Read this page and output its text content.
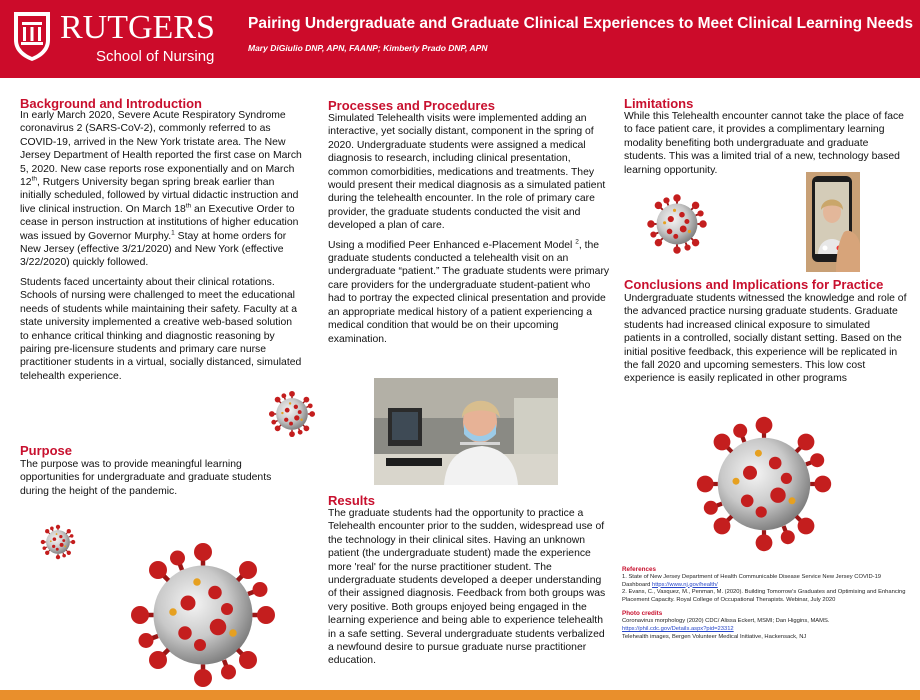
RUTGERS
School of Nursing
Pairing Undergraduate and Graduate Clinical Experiences to Meet Clinical Learning Needs
Mary DiGiulio DNP, APN, FAANP; Kimberly Prado DNP, APN
Background and Introduction

In early March 2020, Severe Acute Respiratory Syndrome coronavirus 2 (SARS-CoV-2), commonly referred to as COVID-19, arrived in the New York tristate area. The New Jersey Department of Health reported the first case on March 5, 2020. New case reports rose exponentially and on March 12th, Rutgers University began spring break earlier than initially scheduled, followed by virtual didactic instruction and live clinical instruction. On March 18th an Executive Order to cease in person instruction at institutions of higher education was issued by Governor Murphy.$^1$ Stay at home orders for New Jersey (effective 3/21/2020) and New York (effective 3/22/2020) quickly followed.

Students faced uncertainty about their clinical rotations. Schools of nursing were challenged to meet the educational needs of students while maintaining their safety. Faculty at a state university implemented a creative web-based solution to enhance critical thinking and diagnostic reasoning by pairing pre-licensure students and primary care nurse practitioner students in a virtual, socially distanced, simulated telehealth experience.

Purpose
The purpose was to provide meaningful learning opportunities for undergraduate and graduate students during the height of the pandemic.
Processes and Procedures

Simulated Telehealth visits were implemented adding an interactive, yet socially distant, component in the spring of 2020. Undergraduate students were assigned a medical diagnosis to research, including clinical presentation, common comorbidities, medications and treatments. They would present their medical diagnosis as a simulated patient during the telehealth encounter. In the role of primary care provider, the graduate students conducted the visit and developed a plan of care.

Using a modified Peer Enhanced e-Placement Model $^2$, the graduate students conducted a telehealth visit on an undergraduate “patient.” The graduate students were primary care providers for the undergraduate student-patient who had to portray the expected clinical presentation and provide an appropriate medical history of a patient experiencing a medical condition that would be on their upcoming examination.

Results
The graduate students had the opportunity to practice a Telehealth encounter prior to the sudden, widespread use of the technology in their clinical sites. Having an unknown patient (the undergraduate student) made the experience more 'real' for the nurse practitioner student. The undergraduate students developed a deeper understanding of their assigned diagnosis. Feedback from both groups was very positive. Both groups enjoyed being engaged in the learning experience and being able to experience telehealth in a safe setting. Several undergraduate students verbalized a newfound desire to pursue graduate nurse practitioner education.
Limitations
While this Telehealth encounter cannot take the place of face to face patient care, it provides a complimentary learning modality benefiting both undergraduate and graduate students. This was a limited trial of a new, technology based learning opportunity.
Conclusions and Implications for Practice
Undergraduate students witnessed the knowledge and role of the advanced practice nursing graduate students. Graduate students had increased clinical exposure to simulated patients in a controlled, socially distant setting. Based on the initial positive feedback, this experience will be replicated in the fall 2020 and upcoming semesters. This low cost experience is easily replicated in other programs
References
1. State of New Jersey Department of Health Communicable Disease Service New Jersey COVID-19 Dashboard https://www.nj.gov/health/
2. Evans, C., Vasquez, M., Penman, M. (2020). Building Tomorrow's Graduates and Optimising and Enhancing Placement Capacity. Royal College of Occupational Therapists. Webinar, July 2020
Photo credits
Coronavirus morphology (2020) CDC/ Alissa Eckert, MSMI; Dan Higgins, MAMS.
https://phil.cdc.gov/Details.aspx?pid=23312
Telehealth images, Bergen Volunteer Medical Initiative, Hackensack, NJ
